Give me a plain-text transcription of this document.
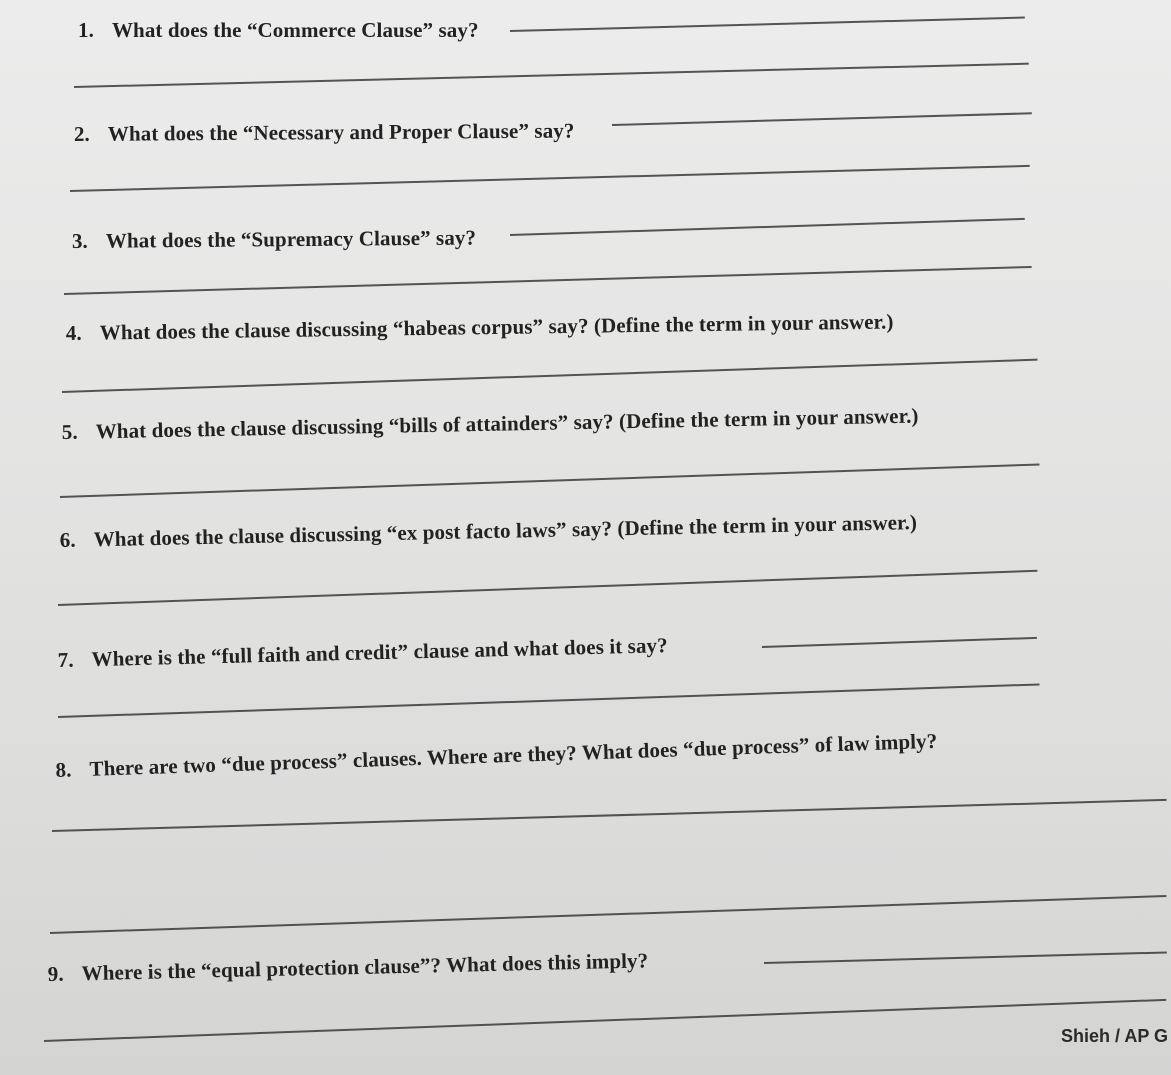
1. What does the “Commerce Clause” say?
2. What does the “Necessary and Proper Clause” say?
3. What does the “Supremacy Clause” say?
4. What does the clause discussing “habeas corpus” say? (Define the term in your answer.)
5. What does the clause discussing “bills of attainders” say? (Define the term in your answer.)
6. What does the clause discussing “ex post facto laws” say? (Define the term in your answer.)
7. Where is the “full faith and credit” clause and what does it say?
8. There are two “due process” clauses. Where are they? What does “due process” of law imply?
9. Where is the “equal protection clause”? What does this imply?
Shieh / AP G
